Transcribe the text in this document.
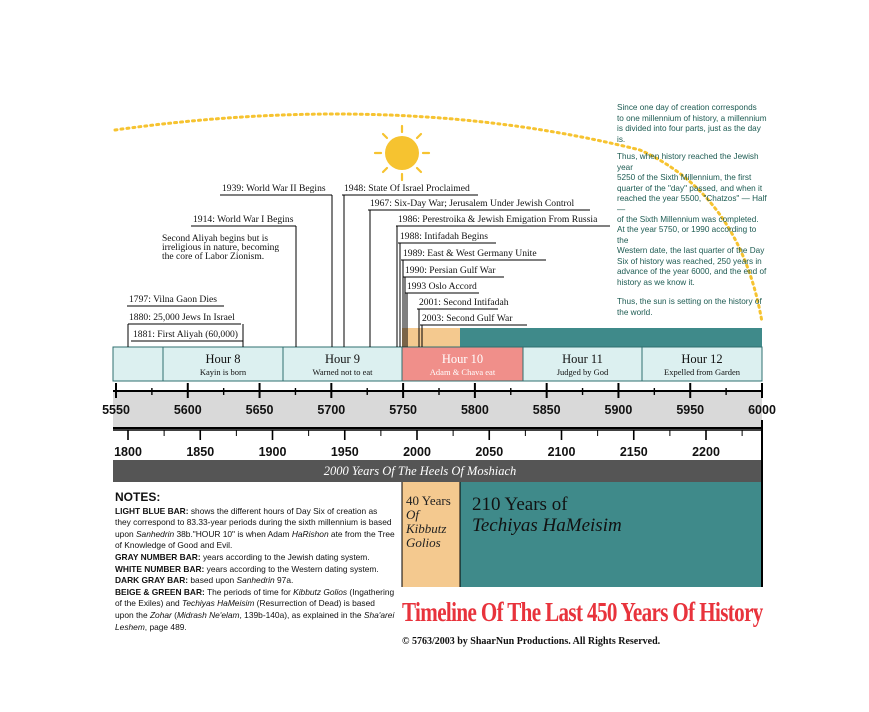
Hour 8
Kayin is born
Hour 9
Warned not to eat
Hour 10
Adam & Chava eat
Hour 11
Judged by God
Hour 12
Expelled from Garden
5550	5600	5650	5700	5750	5800	5850	5900	5950	6000
1800	1850	1900	1950	2000	2050	2100	2150	2200
2000 Years Of The Heels Of Moshiach
1797: Vilna Gaon Dies
1880: 25,000 Jews In Israel
1881: First Aliyah (60,000)
1914: World War I Begins
1939: World War II Begins 1948: State Of Israel Proclaimed
1967: Six-Day War; Jerusalem Under Jewish Control
1986: Perestroika & Jewish Emigation From Russia
1988: Intifadah Begins
1989: East & West Germany Unite
1990: Persian Gulf War
1993 Oslo Accord
2001: Second Intifadah
2003: Second Gulf War
Second Aliyah begins but is
irreligious in nature, becoming
the core of Labor Zionism.
Since one day of creation corresponds
to one millennium of history, a millennium
is divided into four parts, just as the day is.
Thus, when history reached the Jewish year
5250 of the Sixth Millennium, the first
quarter of the "day" passed, and when it
reached the year 5500, "Chatzos" — Half —
of the Sixth Millennium was completed.
At the year 5750, or 1990 according to the
Western date, the last quarter of the Day
Six of history was reached, 250 years in
advance of the year 6000, and the end of
history as we know it.
Thus, the sun is setting on the history of
the world.
40 Years
Of
Kibbutz
Golios
210 Years of
Techiyas HaMeisim
NOTES:
LIGHT BLUE BAR: shows the different hours of Day Six of creation as they correspond to 83.33-year periods during the sixth millennium is based upon Sanhedrin 38b."HOUR 10" is when Adam HaRishon ate from the Tree of Knowledge of Good and Evil.
GRAY NUMBER BAR: years according to the Jewish dating system.
WHITE NUMBER BAR: years according to the Western dating system.
DARK GRAY BAR: based upon Sanhedrin 97a.
BEIGE & GREEN BAR: The periods of time for Kibbutz Golios (Ingathering of the Exiles) and Techiyas HaMeisim (Resurrection of Dead) is based upon the Zohar (Midrash Ne'elam, 139b-140a), as explained in the Sha'arei Leshem, page 489.	Timeline Of The Last 450 Years Of History
© 5763/2003 by ShaarNun Productions. All Rights Reserved.
